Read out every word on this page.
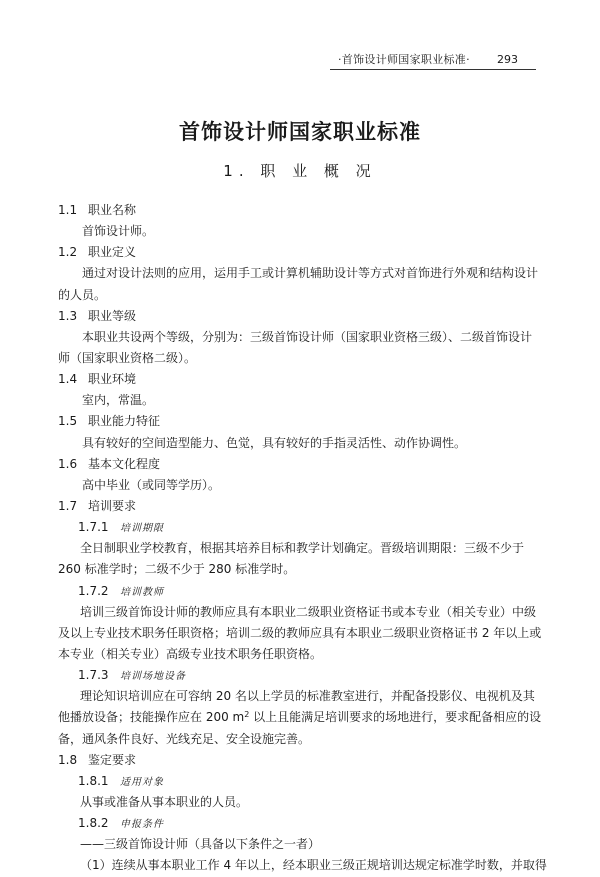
·首饰设计师国家职业标准· 293
首饰设计师国家职业标准
1. 职 业 概 况
1.1 职业名称
首饰设计师。
1.2 职业定义
通过对设计法则的应用，运用手工或计算机辅助设计等方式对首饰进行外观和结构设计
的人员。
1.3 职业等级
本职业共设两个等级，分别为：三级首饰设计师（国家职业资格三级）、二级首饰设计
师（国家职业资格二级）。
1.4 职业环境
室内，常温。
1.5 职业能力特征
具有较好的空间造型能力、色觉，具有较好的手指灵活性、动作协调性。
1.6 基本文化程度
高中毕业（或同等学历）。
1.7 培训要求
1.7.1 培训期限
全日制职业学校教育，根据其培养目标和教学计划确定。晋级培训期限：三级不少于
260 标准学时；二级不少于 280 标准学时。
1.7.2 培训教师
培训三级首饰设计师的教师应具有本职业二级职业资格证书或本专业（相关专业）中级
及以上专业技术职务任职资格；培训二级的教师应具有本职业二级职业资格证书 2 年以上或
本专业（相关专业）高级专业技术职务任职资格。
1.7.3 培训场地设备
理论知识培训应在可容纳 20 名以上学员的标准教室进行，并配备投影仪、电视机及其
他播放设备；技能操作应在 200 $m^2$ 以上且能满足培训要求的场地进行，要求配备相应的设
备，通风条件良好、光线充足、安全设施完善。
1.8 鉴定要求
1.8.1 适用对象
从事或准备从事本职业的人员。
1.8.2 申报条件
——三级首饰设计师（具备以下条件之一者）
（1）连续从事本职业工作 4 年以上，经本职业三级正规培训达规定标准学时数，并取得
